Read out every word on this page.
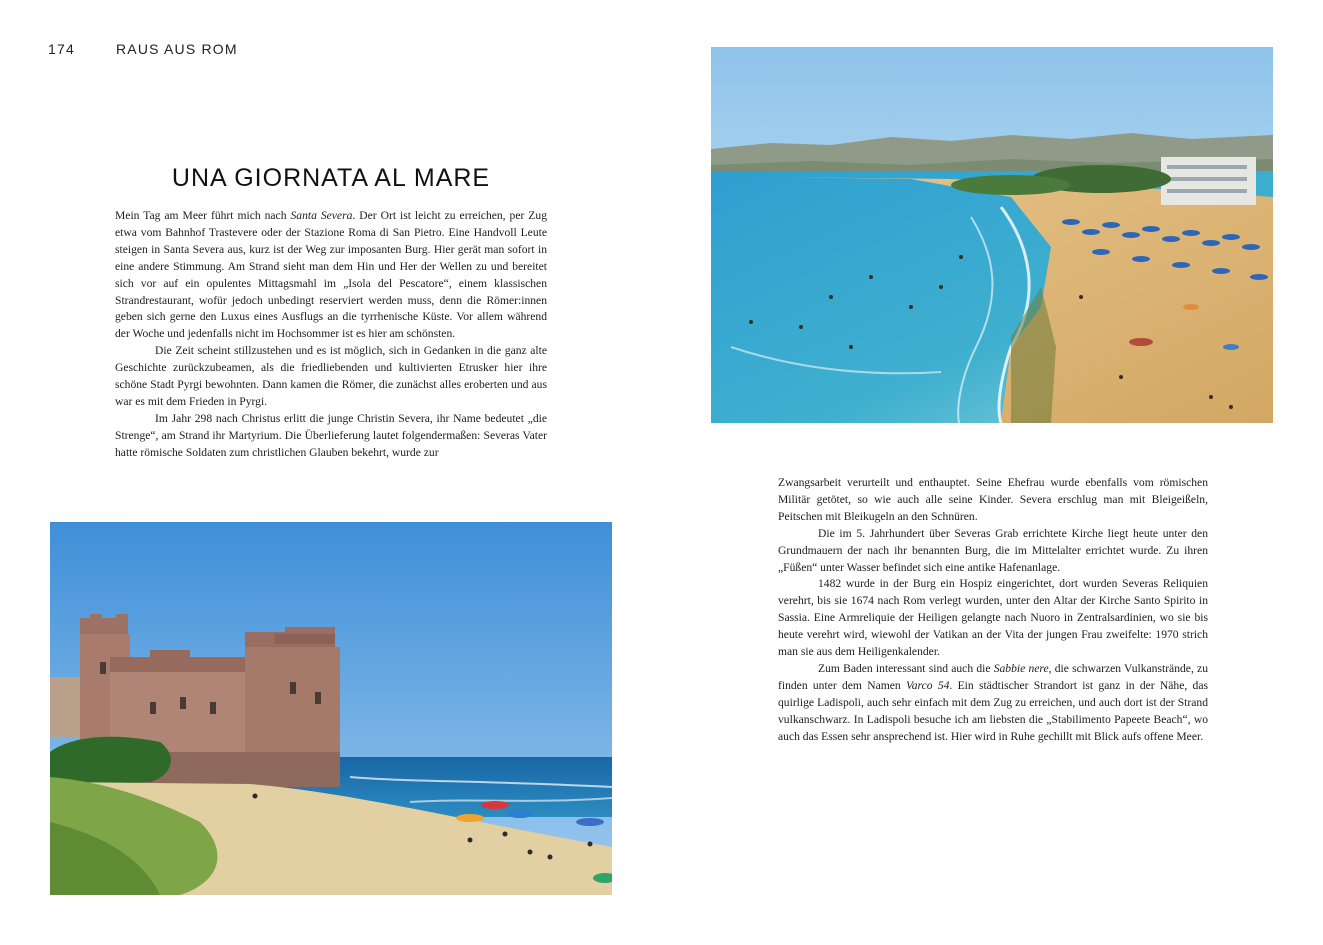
174	RAUS AUS ROM
UNA GIORNATA AL MARE

Mein Tag am Meer führt mich nach Santa Severa. Der Ort ist leicht zu erreichen, per Zug etwa vom Bahnhof Trastevere oder der Stazione Roma di San Pietro. Eine Handvoll Leute steigen in Santa Severa aus, kurz ist der Weg zur imposanten Burg. Hier gerät man sofort in eine andere Stimmung. Am Strand sieht man dem Hin und Her der Wellen zu und bereitet sich vor auf ein opulentes Mittagsmahl im „Isola del Pescatore“, einem klassischen Strandrestaurant, wofür jedoch unbedingt reserviert werden muss, denn die Römer:innen geben sich gerne den Luxus eines Ausflugs an die tyrrhenische Küste. Vor allem während der Woche und jedenfalls nicht im Hochsommer ist es hier am schönsten.

Die Zeit scheint stillzustehen und es ist möglich, sich in Gedanken in die ganz alte Geschichte zurückzubeamen, als die friedliebenden und kultivierten Etrusker hier ihre schöne Stadt Pyrgi bewohnten. Dann kamen die Römer, die zunächst alles eroberten und aus war es mit dem Frieden in Pyrgi.

Im Jahr 298 nach Christus erlitt die junge Christin Severa, ihr Name bedeutet „die Strenge“, am Strand ihr Martyrium. Die Überlieferung lautet folgendermaßen: Severas Vater hatte römische Soldaten zum christlichen Glauben bekehrt, wurde zur

Zwangsarbeit verurteilt und enthauptet. Seine Ehefrau wurde ebenfalls vom römischen Militär getötet, so wie auch alle seine Kinder. Severa erschlug man mit Bleigeißeln, Peitschen mit Bleikugeln an den Schnüren.

Die im 5. Jahrhundert über Severas Grab errichtete Kirche liegt heute unter den Grundmauern der nach ihr benannten Burg, die im Mittelalter errichtet wurde. Zu ihren „Füßen“ unter Wasser befindet sich eine antike Hafenanlage.

1482 wurde in der Burg ein Hospiz eingerichtet, dort wurden Severas Reliquien verehrt, bis sie 1674 nach Rom verlegt wurden, unter den Altar der Kirche Santo Spirito in Sassia. Eine Armreliquie der Heiligen gelangte nach Nuoro in Zentralsardinien, wo sie bis heute verehrt wird, wiewohl der Vatikan an der Vita der jungen Frau zweifelte: 1970 strich man sie aus dem Heiligenkalender.

Zum Baden interessant sind auch die Sabbie nere, die schwarzen Vulkanstrände, zu finden unter dem Namen Varco 54. Ein städtischer Strandort ist ganz in der Nähe, das quirlige Ladispoli, auch sehr einfach mit dem Zug zu erreichen, und auch dort ist der Strand vulkanschwarz. In Ladispoli besuche ich am liebsten die „Stabilimento Papeete Beach“, wo auch das Essen sehr ansprechend ist. Hier wird in Ruhe gechillt mit Blick aufs offene Meer.
